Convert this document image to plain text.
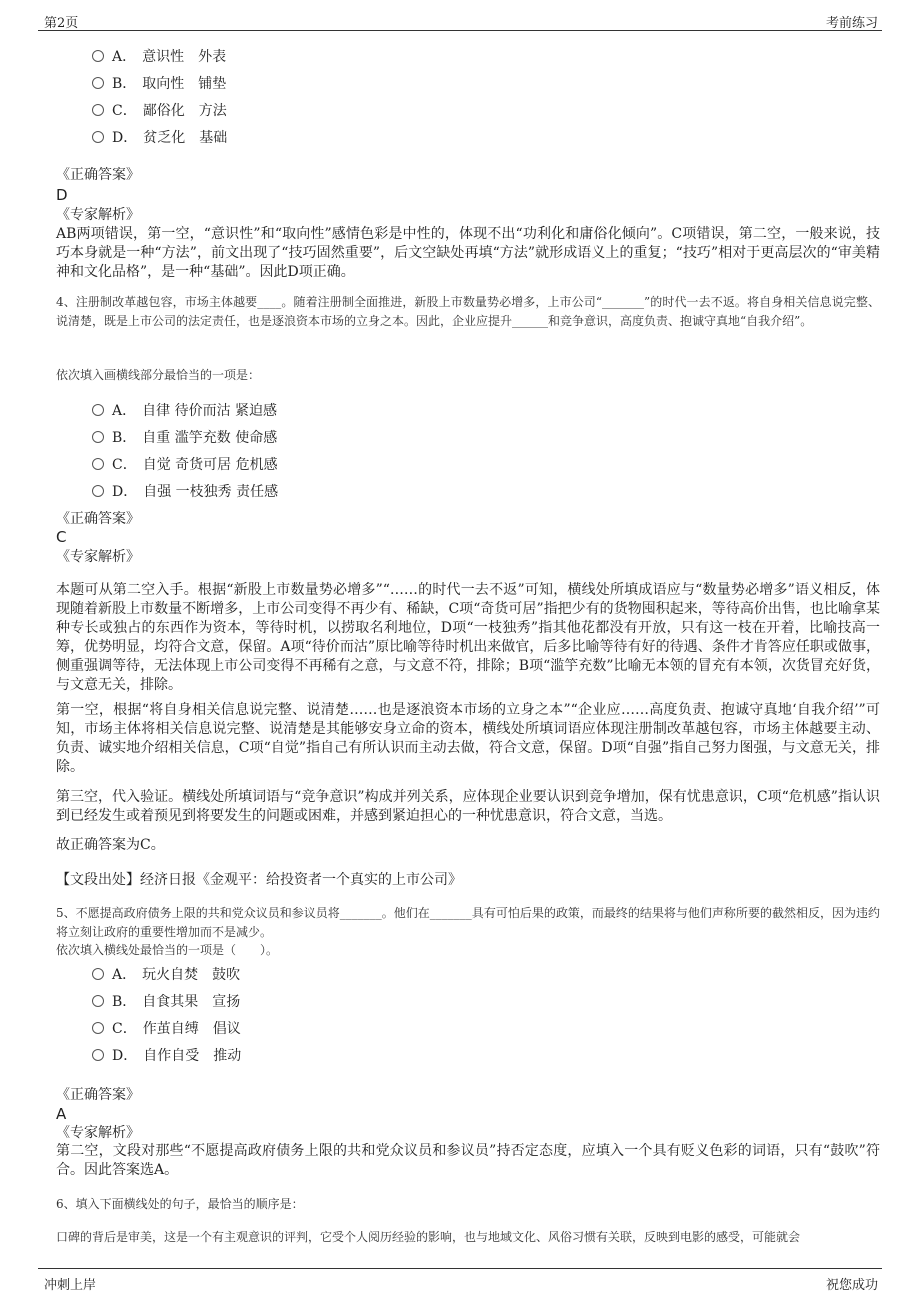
第2页	考前练习
A． 意识性　外表
B． 取向性　铺垫
C． 鄙俗化　方法
D． 贫乏化　基础
《正确答案》
D
《专家解析》
AB两项错误，第一空，“意识性”和“取向性”感情色彩是中性的，体现不出“功利化和庸俗化倾向”。C项错误，第二空，一般来说，技巧本身就是一种“方法”，前文出现了“技巧固然重要”，后文空缺处再填“方法”就形成语义上的重复；“技巧”相对于更高层次的“审美精神和文化品格”，是一种“基础”。因此D项正确。
4、注册制改革越包容，市场主体越要____。随着注册制全面推进，新股上市数量势必增多，上市公司“_______”的时代一去不返。将自身相关信息说完整、说清楚，既是上市公司的法定责任，也是逐浪资本市场的立身之本。因此，企业应提升______和竞争意识，高度负责、抱诚守真地“自我介绍”。
依次填入画横线部分最恰当的一项是：
A． 自律 待价而沽 紧迫感
B． 自重 滥竽充数 使命感
C． 自觉 奇货可居 危机感
D． 自强 一枝独秀 责任感
《正确答案》
C
《专家解析》
本题可从第二空入手。根据“新股上市数量势必增多”“……的时代一去不返”可知，横线处所填成语应与“数量势必增多”语义相反，体现随着新股上市数量不断增多，上市公司变得不再少有、稀缺，C项“奇货可居”指把少有的货物囤积起来，等待高价出售，也比喻拿某种专长或独占的东西作为资本，等待时机，以捞取名利地位，D项“一枝独秀”指其他花都没有开放，只有这一枝在开着，比喻技高一筹，优势明显，均符合文意，保留。A项“待价而沽”原比喻等待时机出来做官，后多比喻等待有好的待遇、条件才肯答应任职或做事，侧重强调等待，无法体现上市公司变得不再稀有之意，与文意不符，排除；B项“滥竽充数”比喻无本领的冒充有本领，次货冒充好货，与文意无关，排除。
第一空，根据“将自身相关信息说完整、说清楚……也是逐浪资本市场的立身之本”“企业应……高度负责、抱诚守真地‘自我介绍’”可知，市场主体将相关信息说完整、说清楚是其能够安身立命的资本，横线处所填词语应体现注册制改革越包容，市场主体越要主动、负责、诚实地介绍相关信息，C项“自觉”指自己有所认识而主动去做，符合文意，保留。D项“自强”指自己努力图强，与文意无关，排除。
第三空，代入验证。横线处所填词语与“竞争意识”构成并列关系，应体现企业要认识到竞争增加，保有忧患意识，C项“危机感”指认识到已经发生或着预见到将要发生的问题或困难，并感到紧迫担心的一种忧患意识，符合文意，当选。
故正确答案为C。
【文段出处】经济日报《金观平：给投资者一个真实的上市公司》
5、不愿提高政府债务上限的共和党众议员和参议员将_______。他们在_______具有可怕后果的政策，而最终的结果将与他们声称所要的截然相反，因为违约将立刻让政府的重要性增加而不是减少。
依次填入横线处最恰当的一项是（　　）。
A． 玩火自焚　鼓吹
B． 自食其果　宣扬
C． 作茧自缚　倡议
D． 自作自受　推动
《正确答案》
A
《专家解析》
第二空，文段对那些“不愿提高政府债务上限的共和党众议员和参议员”持否定态度，应填入一个具有贬义色彩的词语，只有“鼓吹”符合。因此答案选A。
6、填入下面横线处的句子，最恰当的顺序是：
口碑的背后是审美，这是一个有主观意识的评判，它受个人阅历经验的影响，也与地域文化、风俗习惯有关联，反映到电影的感受，可能就会
冲刺上岸	祝您成功
